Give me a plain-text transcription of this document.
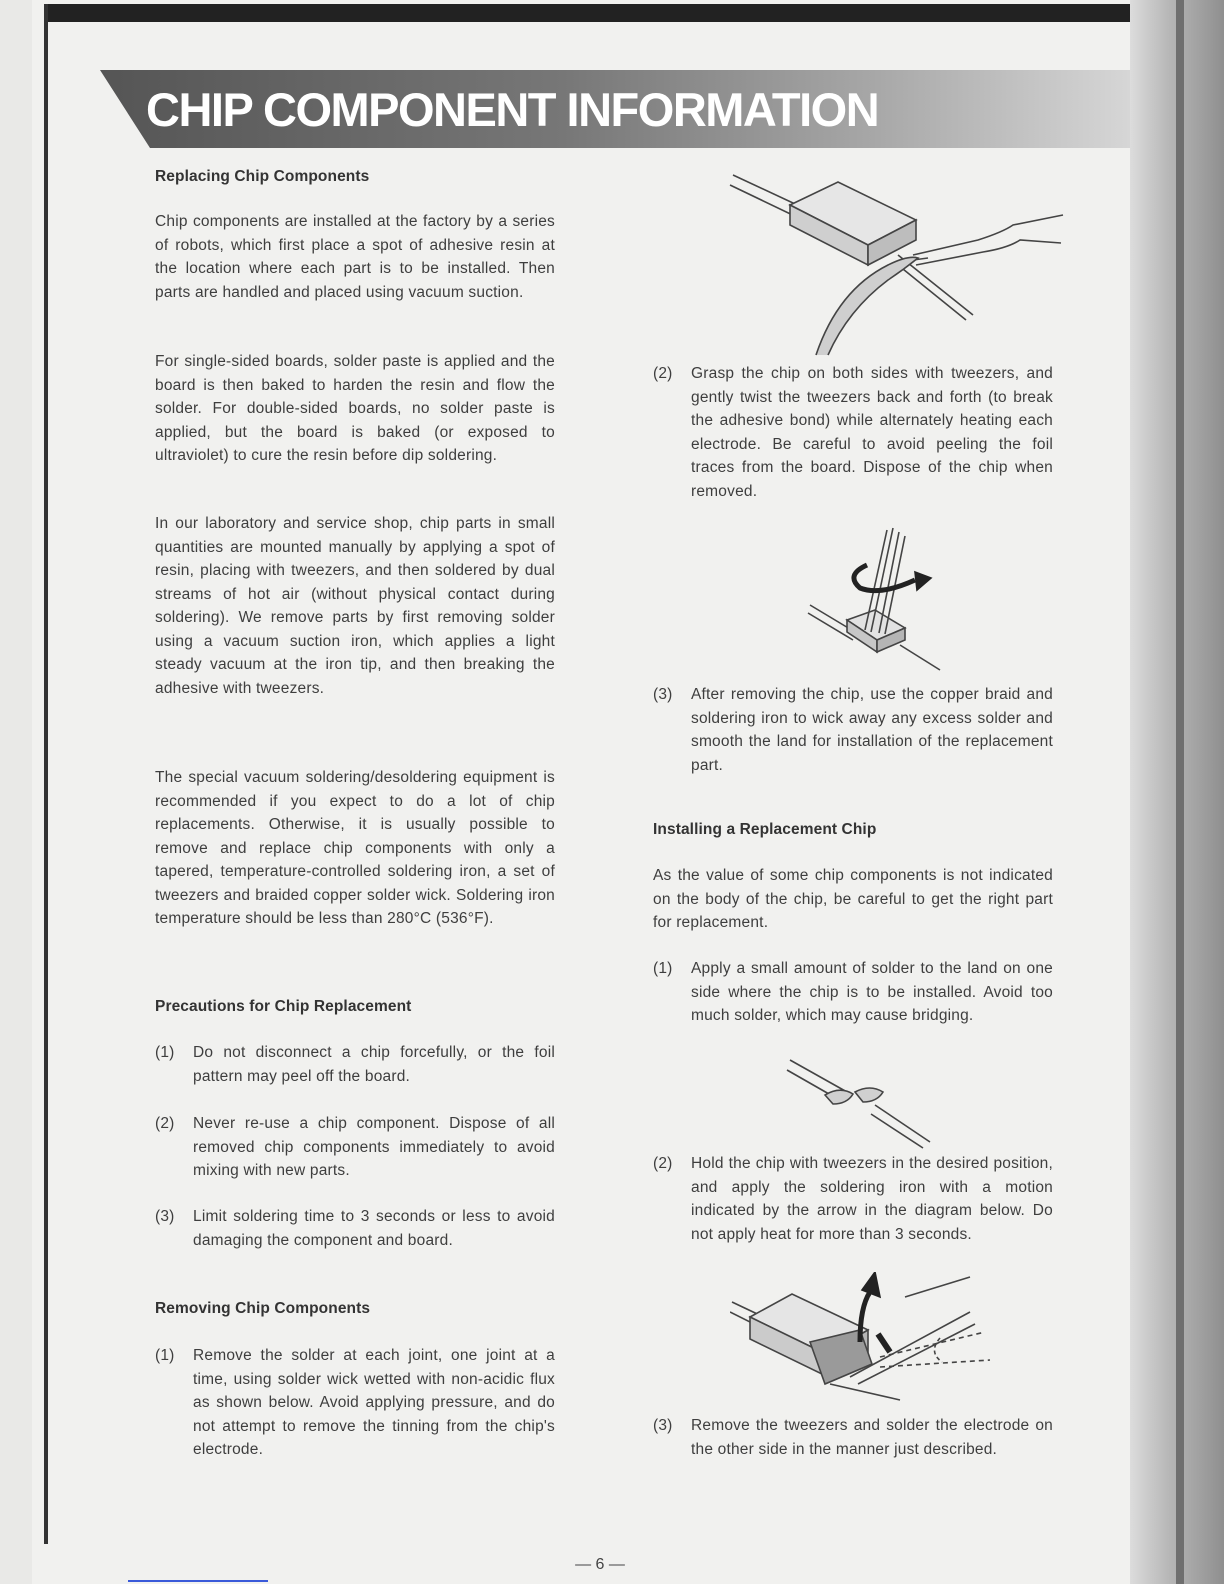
CHIP COMPONENT INFORMATION
Replacing Chip Components

Chip components are installed at the factory by a series of robots, which first place a spot of adhesive resin at the location where each part is to be installed. Then parts are handled and placed using vacuum suction.

For single-sided boards, solder paste is applied and the board is then baked to harden the resin and flow the solder. For double-sided boards, no solder paste is applied, but the board is baked (or exposed to ultraviolet) to cure the resin before dip soldering.

In our laboratory and service shop, chip parts in small quantities are mounted manually by applying a spot of resin, placing with tweezers, and then soldered by dual streams of hot air (without physical contact during soldering). We remove parts by first removing solder using a vacuum suction iron, which applies a light steady vacuum at the iron tip, and then breaking the adhesive with tweezers.

The special vacuum soldering/desoldering equipment is recommended if you expect to do a lot of chip replacements. Otherwise, it is usually possible to remove and replace chip components with only a tapered, temperature-controlled soldering iron, a set of tweezers and braided copper solder wick. Soldering iron temperature should be less than 280°C (536°F).

Precautions for Chip Replacement
(1)	Do not disconnect a chip forcefully, or the foil pattern may peel off the board.
(2)	Never re-use a chip component. Dispose of all removed chip components immediately to avoid mixing with new parts.
(3)	Limit soldering time to 3 seconds or less to avoid damaging the component and board.
Removing Chip Components
(1)	Remove the solder at each joint, one joint at a time, using solder wick wetted with non-acidic flux as shown below. Avoid applying pressure, and do not attempt to remove the tinning from the chip's electrode.
(2)	Grasp the chip on both sides with tweezers, and gently twist the tweezers back and forth (to break the adhesive bond) while alternately heating each electrode. Be careful to avoid peeling the foil traces from the board. Dispose of the chip when removed.
(3)	After removing the chip, use the copper braid and soldering iron to wick away any excess solder and smooth the land for installation of the replacement part.
Installing a Replacement Chip

As the value of some chip components is not indicated on the body of the chip, be careful to get the right part for replacement.

(1)	Apply a small amount of solder to the land on one side where the chip is to be installed. Avoid too much solder, which may cause bridging.
(2)	Hold the chip with tweezers in the desired position, and apply the soldering iron with a motion indicated by the arrow in the diagram below. Do not apply heat for more than 3 seconds.
(3)	Remove the tweezers and solder the electrode on the other side in the manner just described.
— 6 —
